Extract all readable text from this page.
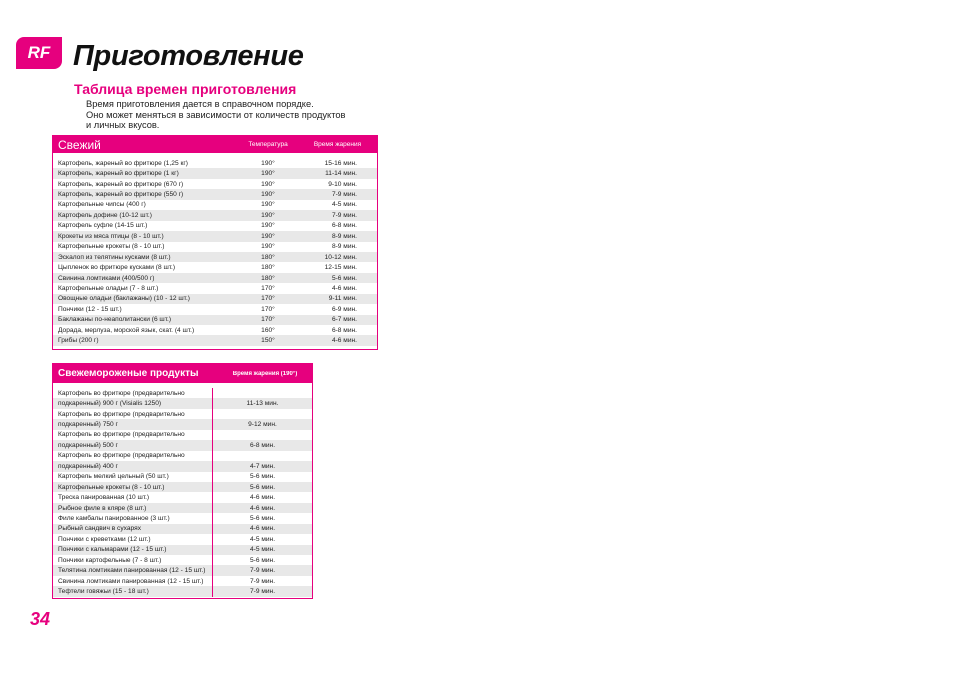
RF Приготовление
Таблица времен приготовления
Время приготовления дается в справочном порядке.
Оно может меняться в зависимости от количеств продуктов
и личных вкусов.
Свежий	Температура	Время жарения
Картофель, жареный во фритюре (1,25 кг)	190°	15-16 мин.
Картофель, жареный во фритюре (1 кг)	190°	11-14 мин.
Картофель, жареный во фритюре (670 г)	190°	9-10 мин.
Картофель, жареный во фритюре (550 г)	190°	7-9 мин.
Картофельные чипсы (400 г)	190°	4-5 мин.
Картофель дофине (10-12 шт.)	190°	7-9 мин.
Картофель суфле (14-15 шт.)	190°	6-8 мин.
Крокеты из мяса птицы (8 - 10 шт.)	190°	8-9 мин.
Картофельные крокеты (8 - 10 шт.)	190°	8-9 мин.
Эскалоп из телятины кусками (8 шт.)	180°	10-12 мин.
Цыпленок во фритюре кусками (8 шт.)	180°	12-15 мин.
Свинина ломтиками (400/500 г)	180°	5-6 мин.
Картофельные оладьи (7 - 8 шт.)	170°	4-6 мин.
Овощные оладьи (баклажаны) (10 - 12 шт.)	170°	9-11 мин.
Пончики (12 - 15 шт.)	170°	6-9 мин.
Баклажаны по-неаполитански (6 шт.)	170°	6-7 мин.
Дорада, мерлуза, морской язык, скат. (4 шт.)	160°	6-8 мин.
Грибы (200 г)	150°	4-6 мин.
Свежемороженые продукты	Время жарения (190°)
Картофель во фритюре (предварительно
подкаренный) 900 г (Visialis 1250)	11-13 мин.
Картофель во фритюре (предварительно
подкаренный) 750 г	9-12 мин.
Картофель во фритюре (предварительно
подкаренный) 500 г	6-8 мин.
Картофель во фритюре (предварительно
подкаренный) 400 г	4-7 мин.
Картофель мелкий цельный (50 шт.)	5-6 мин.
Картофельные крокеты (8 - 10 шт.)	5-6 мин.
Треска панированная (10 шт.)	4-6 мин.
Рыбное филе в кляре (8 шт.)	4-6 мин.
Филе камбалы панированное (3 шт.)	5-6 мин.
Рыбный сандвич в сухарях	4-6 мин.
Пончики с креветками (12 шт.)	4-5 мин.
Пончики с кальмарами (12 - 15 шт.)	4-5 мин.
Пончики картофельные (7 - 8 шт.)	5-6 мин.
Телятина ломтиками панированная (12 - 15 шт.)	7-9 мин.
Свинина ломтиками панированная (12 - 15 шт.)	7-9 мин.
Тефтели говяжьи (15 - 18 шт.)	7-9 мин.

34
